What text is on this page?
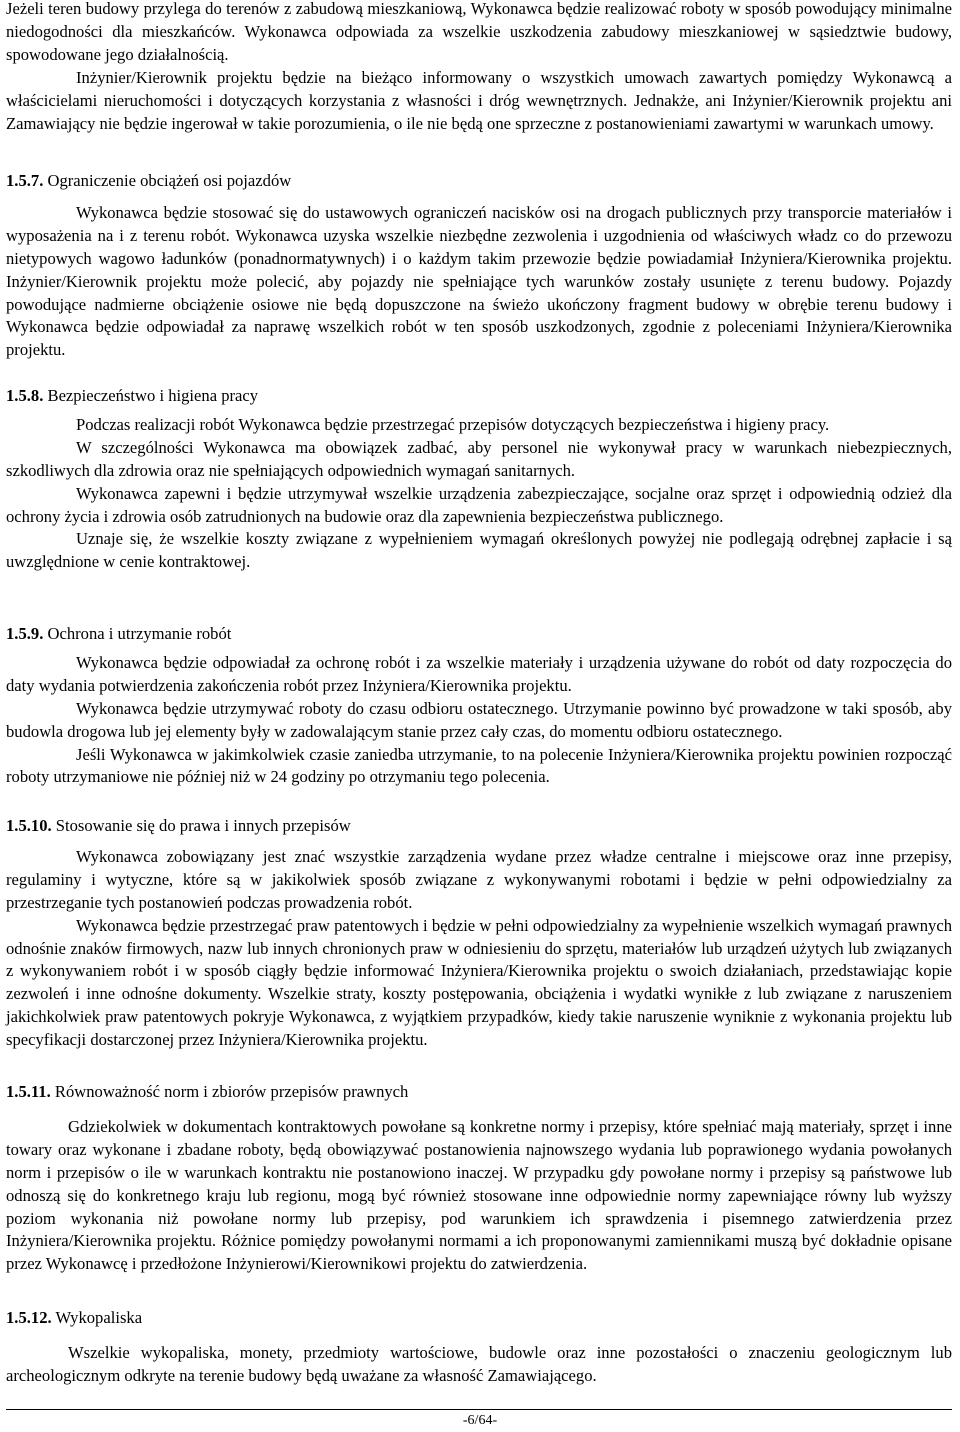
Jeżeli teren budowy przylega do terenów z zabudową mieszkaniową, Wykonawca będzie realizować roboty w sposób powodujący minimalne niedogodności dla mieszkańców. Wykonawca odpowiada za wszelkie uszkodzenia zabudowy mieszkaniowej w sąsiedztwie budowy, spowodowane jego działalnością.

Inżynier/Kierownik projektu będzie na bieżąco informowany o wszystkich umowach zawartych pomiędzy Wykonawcą a właścicielami nieruchomości i dotyczących korzystania z własności i dróg wewnętrznych. Jednakże, ani Inżynier/Kierownik projektu ani Zamawiający nie będzie ingerował w takie porozumienia, o ile nie będą one sprzeczne z postanowieniami zawartymi w warunkach umowy.

1.5.7. Ograniczenie obciążeń osi pojazdów

Wykonawca będzie stosować się do ustawowych ograniczeń nacisków osi na drogach publicznych przy transporcie materiałów i wyposażenia na i z terenu robót. Wykonawca uzyska wszelkie niezbędne zezwolenia i uzgodnienia od właściwych władz co do przewozu nietypowych wagowo ładunków (ponadnormatywnych) i o każdym takim przewozie będzie powiadamiał Inżyniera/Kierownika projektu. Inżynier/Kierownik projektu może polecić, aby pojazdy nie spełniające tych warunków zostały usunięte z terenu budowy. Pojazdy powodujące nadmierne obciążenie osiowe nie będą dopuszczone na świeżo ukończony fragment budowy w obrębie terenu budowy i Wykonawca będzie odpowiadał za naprawę wszelkich robót w ten sposób uszkodzonych, zgodnie z poleceniami Inżyniera/Kierownika projektu.

1.5.8. Bezpieczeństwo i higiena pracy

Podczas realizacji robót Wykonawca będzie przestrzegać przepisów dotyczących bezpieczeństwa i higieny pracy.

W szczególności Wykonawca ma obowiązek zadbać, aby personel nie wykonywał pracy w warunkach niebezpiecznych, szkodliwych dla zdrowia oraz nie spełniających odpowiednich wymagań sanitarnych.

Wykonawca zapewni i będzie utrzymywał wszelkie urządzenia zabezpieczające, socjalne oraz sprzęt i odpowiednią odzież dla ochrony życia i zdrowia osób zatrudnionych na budowie oraz dla zapewnienia bezpieczeństwa publicznego.

Uznaje się, że wszelkie koszty związane z wypełnieniem wymagań określonych powyżej nie podlegają odrębnej zapłacie i są uwzględnione w cenie kontraktowej.

1.5.9. Ochrona i utrzymanie robót

Wykonawca będzie odpowiadał za ochronę robót i za wszelkie materiały i urządzenia używane do robót od daty rozpoczęcia do daty wydania potwierdzenia zakończenia robót przez Inżyniera/Kierownika projektu.

Wykonawca będzie utrzymywać roboty do czasu odbioru ostatecznego. Utrzymanie powinno być prowadzone w taki sposób, aby budowla drogowa lub jej elementy były w zadowalającym stanie przez cały czas, do momentu odbioru ostatecznego.

Jeśli Wykonawca w jakimkolwiek czasie zaniedba utrzymanie, to na polecenie Inżyniera/Kierownika projektu powinien rozpocząć roboty utrzymaniowe nie później niż w 24 godziny po otrzymaniu tego polecenia.

1.5.10. Stosowanie się do prawa i innych przepisów

Wykonawca zobowiązany jest znać wszystkie zarządzenia wydane przez władze centralne i miejscowe oraz inne przepisy, regulaminy i wytyczne, które są w jakikolwiek sposób związane z wykonywanymi robotami i będzie w pełni odpowiedzialny za przestrzeganie tych postanowień podczas prowadzenia robót.

Wykonawca będzie przestrzegać praw patentowych i będzie w pełni odpowiedzialny za wypełnienie wszelkich wymagań prawnych odnośnie znaków firmowych, nazw lub innych chronionych praw w odniesieniu do sprzętu, materiałów lub urządzeń użytych lub związanych z wykonywaniem robót i w sposób ciągły będzie informować Inżyniera/Kierownika projektu o swoich działaniach, przedstawiając kopie zezwoleń i inne odnośne dokumenty. Wszelkie straty, koszty postępowania, obciążenia i wydatki wynikłe z lub związane z naruszeniem jakichkolwiek praw patentowych pokryje Wykonawca, z wyjątkiem przypadków, kiedy takie naruszenie wyniknie z wykonania projektu lub specyfikacji dostarczonej przez Inżyniera/Kierownika projektu.

1.5.11. Równoważność norm i zbiorów przepisów prawnych

Gdziekolwiek w dokumentach kontraktowych powołane są konkretne normy i przepisy, które spełniać mają materiały, sprzęt i inne towary oraz wykonane i zbadane roboty, będą obowiązywać postanowienia najnowszego wydania lub poprawionego wydania powołanych norm i przepisów o ile w warunkach kontraktu nie postanowiono inaczej. W przypadku gdy powołane normy i przepisy są państwowe lub odnoszą się do konkretnego kraju lub regionu, mogą być również stosowane inne odpowiednie normy zapewniające równy lub wyższy poziom wykonania niż powołane normy lub przepisy, pod warunkiem ich sprawdzenia i pisemnego zatwierdzenia przez Inżyniera/Kierownika projektu. Różnice pomiędzy powołanymi normami a ich proponowanymi zamiennikami muszą być dokładnie opisane przez Wykonawcę i przedłożone Inżynierowi/Kierownikowi projektu do zatwierdzenia.

1.5.12. Wykopaliska

Wszelkie wykopaliska, monety, przedmioty wartościowe, budowle oraz inne pozostałości o znaczeniu geologicznym lub archeologicznym odkryte na terenie budowy będą uważane za własność Zamawiającego.

-6/64-
